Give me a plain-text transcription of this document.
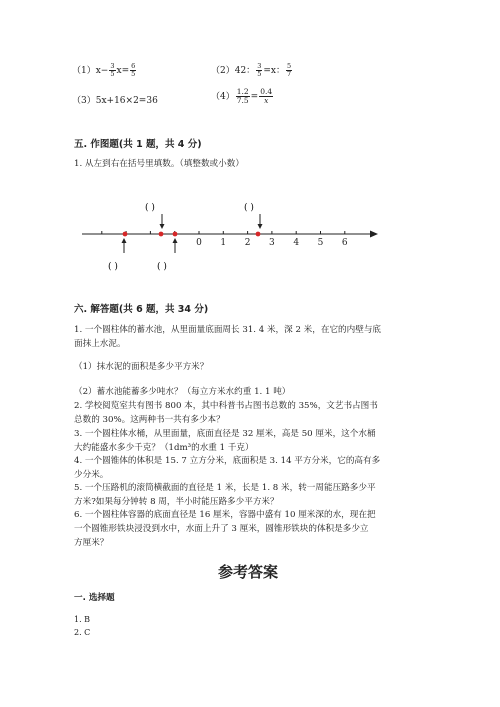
$(1)x- \frac{3}{5} x= \frac{6}{5}$	（2）42： $\frac{3}{5} =x$： $\frac{5}{7}$
（3）5x+16×2=36	$(4) \frac{1.2}{7.5} = \frac{0.4}{x}$
五. 作图题(共 1 题，共 4 分)
1. 从左到右在括号里填数。（填整数或小数）
0 1 2 3 4 5 6
( )	( )
( )	( )
六. 解答题(共 6 题，共 34 分)
1. 一个圆柱体的蓄水池，从里面量底面周长 31. 4 米，深 2 米，在它的内壁与底
面抹上水泥。
（1）抹水泥的面积是多少平方米？
（2）蓄水池能蓄多少吨水？（每立方米水约重 1. 1 吨）
2. 学校阅览室共有图书 800 本，其中科普书占图书总数的 35%，文艺书占图书
总数的 30%。这两种书一共有多少本？
3. 一个圆柱体水桶，从里面量，底面直径是 32 厘米，高是 50 厘米，这个水桶
大约能盛水多少千克？（1dm³的水重 1 千克）
4. 一个圆锥体的体积是 15. 7 立方分米，底面积是 3. 14 平方分米，它的高有多
少分米。
5. 一个压路机的滚筒横截面的直径是 1 米，长是 1. 8 米，转一周能压路多少平
方米?如果每分钟转 8 周，半小时能压路多少平方米？
6. 一个圆柱体容器的底面直径是 16 厘米，容器中盛有 10 厘米深的水，现在把
一个圆锥形铁块浸没到水中，水面上升了 3 厘米，圆锥形铁块的体积是多少立
方厘米？
参考答案
一. 选择题
1. B
2. C
